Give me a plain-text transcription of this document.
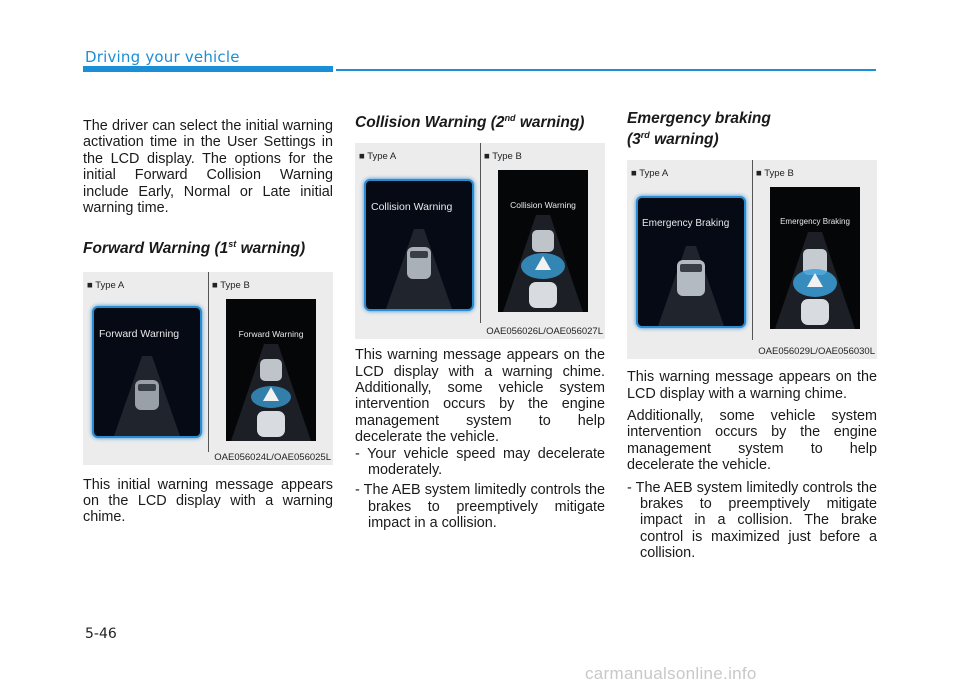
Driving your vehicle

The driver can select the initial warning activation time in the User Settings in the LCD display. The options for the initial Forward Collision Warning include Early, Normal or Late initial warning time.

Forward Warning (1st warning)
■ Type A	■ Type B
Forward Warning	Forward Warning
OAE056024L/OAE056025L

This initial warning message appears on the LCD display with a warning chime.

Collision Warning (2nd warning)
■ Type A	■ Type B
Collision Warning	Collision Warning
OAE056026L/OAE056027L

This warning message appears on the LCD display with a warning chime. Additionally, some vehicle system intervention occurs by the engine management system to help decelerate the vehicle.

- Your vehicle speed may decelerate moderately.
- The AEB system limitedly controls the brakes to preemptively mitigate impact in a collision.
Emergency braking
(3rd warning)
■ Type A	■ Type B
Emergency Braking	Emergency Braking
OAE056029L/OAE056030L

This warning message appears on the LCD display with a warning chime.

Additionally, some vehicle system intervention occurs by the engine management system to help decelerate the vehicle.

- The AEB system limitedly controls the brakes to preemptively mitigate impact in a collision. The brake control is maximized just before a collision.
5-46
carmanualsonline.info
